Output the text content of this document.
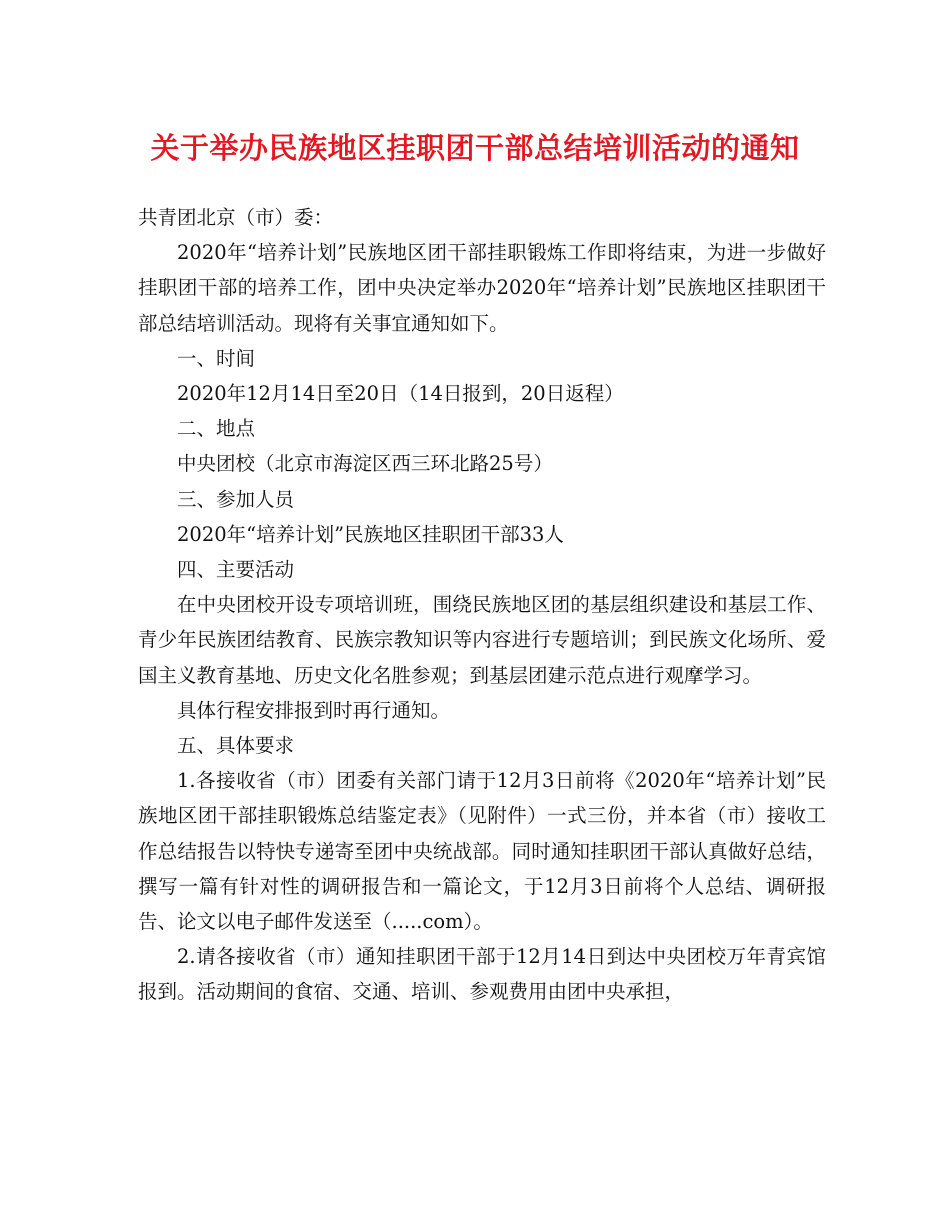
关于举办民族地区挂职团干部总结培训活动的通知

共青团北京（市）委：

2020年“培养计划”民族地区团干部挂职锻炼工作即将结束，为进一步做好挂职团干部的培养工作，团中央决定举办2020年“培养计划”民族地区挂职团干部总结培训活动。现将有关事宜通知如下。

一、时间

2020年12月14日至20日（14日报到，20日返程）

二、地点

中央团校（北京市海淀区西三环北路25号）

三、参加人员

2020年“培养计划”民族地区挂职团干部33人

四、主要活动

在中央团校开设专项培训班，围绕民族地区团的基层组织建设和基层工作、青少年民族团结教育、民族宗教知识等内容进行专题培训；到民族文化场所、爱国主义教育基地、历史文化名胜参观；到基层团建示范点进行观摩学习。

具体行程安排报到时再行通知。

五、具体要求

1.各接收省（市）团委有关部门请于12月3日前将《2020年“培养计划”民族地区团干部挂职锻炼总结鉴定表》（见附件）一式三份，并本省（市）接收工作总结报告以特快专递寄至团中央统战部。同时通知挂职团干部认真做好总结，撰写一篇有针对性的调研报告和一篇论文，于12月3日前将个人总结、调研报告、论文以电子邮件发送至（.....com）。

2.请各接收省（市）通知挂职团干部于12月14日到达中央团校万年青宾馆报到。活动期间的食宿、交通、培训、参观费用由团中央承担，
